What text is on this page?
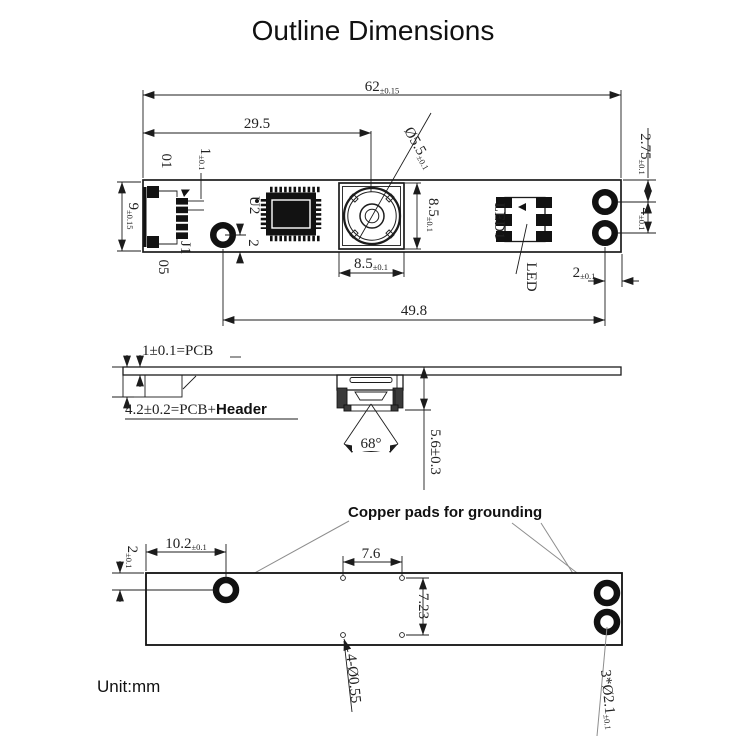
Outline Dimensions
62±0.15
29.5
Ø5.5±0.1
01
05
J1
1±0.1
9±0.15
2
U2	8.5±0.1
8.5±0.1
LED1
LED
2.75±0.1
4±0.1
2±0.1
49.8
1±0.1=PCB
4.2±0.2=PCB+Header
68°	5.6±0.3
Copper pads for grounding
10.2±0.1
2±0.1	7.6
7.23
4-Ø0.55	3*Ø2.1±0.1
Unit:mm
